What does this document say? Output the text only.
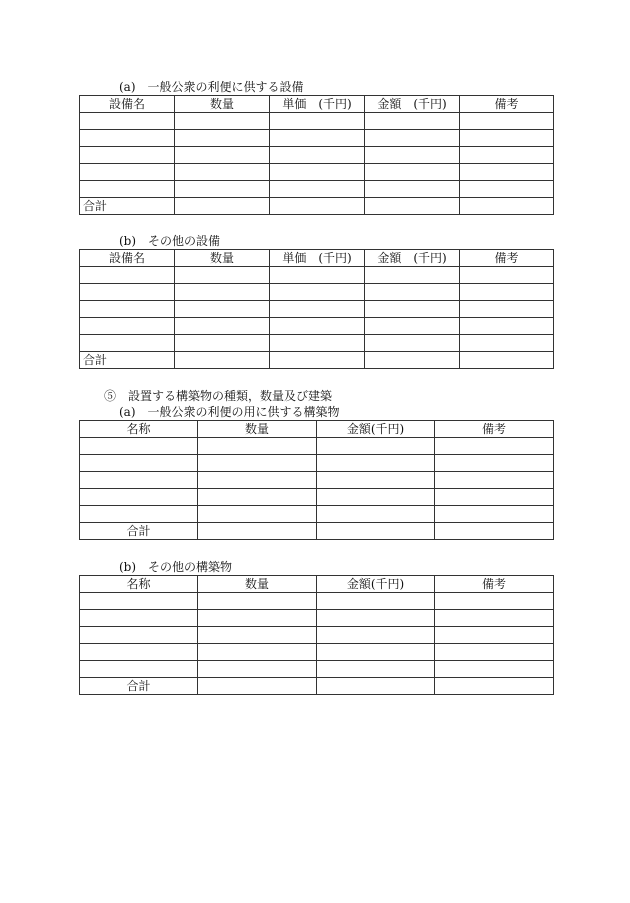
(a)　一般公衆の利便に供する設備
設備名	数量	単価　(千円)	金額　(千円)	備考

合計				
(b)　その他の設備
設備名	数量	単価　(千円)	金額　(千円)	備考

合計				
⑤　設置する構築物の種類，数量及び建築
(a)　一般公衆の利便の用に供する構築物
名称	数量	金額(千円)	備考

合計			
(b)　その他の構築物
名称	数量	金額(千円)	備考

合計			
